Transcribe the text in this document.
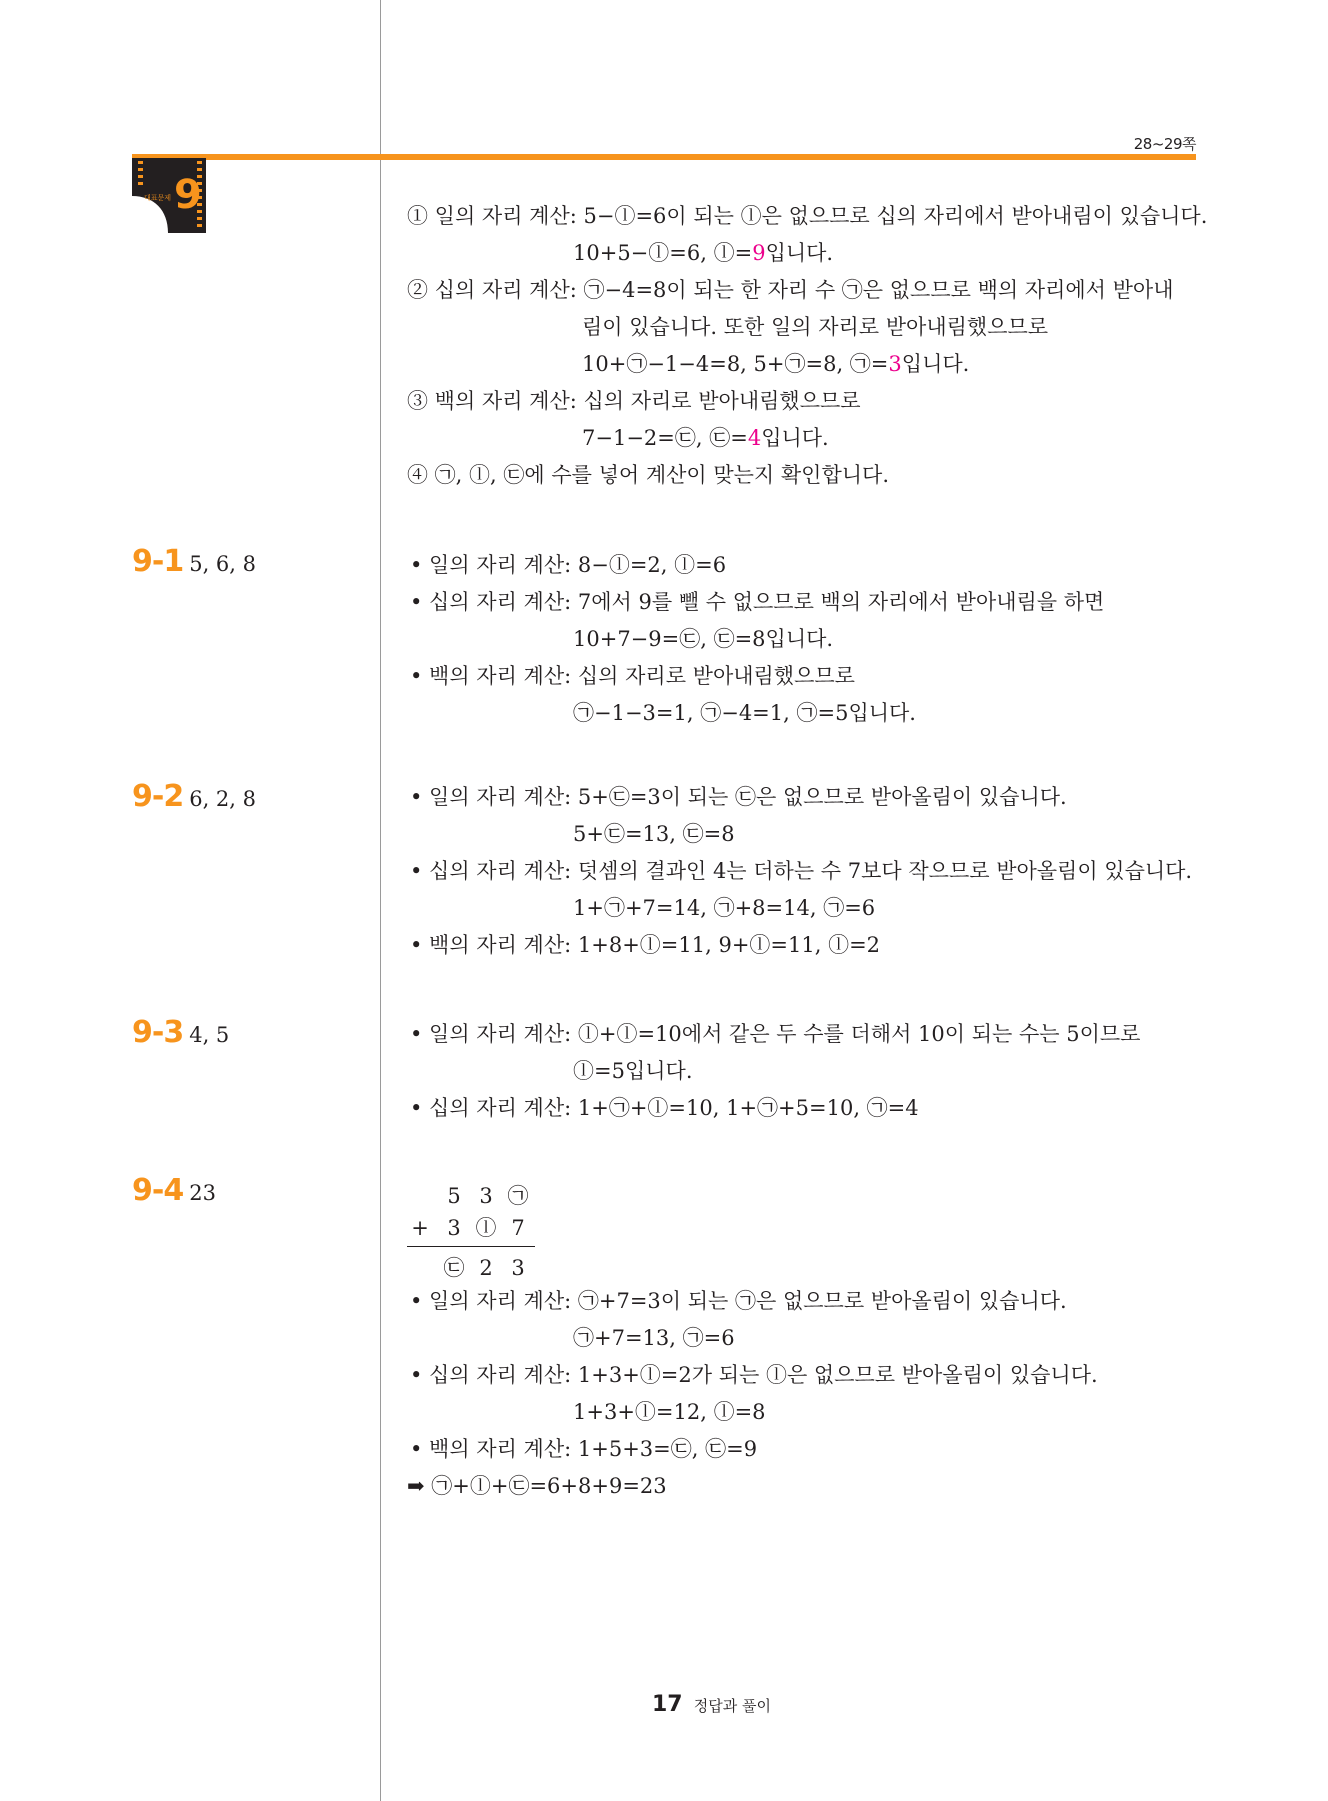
28~29쪽
대표문제 9	① 일의 자리 계산: 5−ⓛ=6이 되는 ⓛ은 없으므로 십의 자리에서 받아내림이 있습니다.
10+5−ⓛ=6, ⓛ=9입니다.
② 십의 자리 계산: ㉠−4=8이 되는 한 자리 수 ㉠은 없으므로 백의 자리에서 받아내
림이 있습니다. 또한 일의 자리로 받아내림했으므로
10+㉠−1−4=8, 5+㉠=8, ㉠=3입니다.
③ 백의 자리 계산: 십의 자리로 받아내림했으므로
7−1−2=㉢, ㉢=4입니다.
④ ㉠, ⓛ, ㉢에 수를 넣어 계산이 맞는지 확인합니다.
9-1 5, 6, 8	• 일의 자리 계산: 8−ⓛ=2, ⓛ=6
• 십의 자리 계산: 7에서 9를 뺄 수 없으므로 백의 자리에서 받아내림을 하면
10+7−9=㉢, ㉢=8입니다.
• 백의 자리 계산: 십의 자리로 받아내림했으므로
㉠−1−3=1, ㉠−4=1, ㉠=5입니다.
9-2 6, 2, 8	• 일의 자리 계산: 5+㉢=3이 되는 ㉢은 없으므로 받아올림이 있습니다.
5+㉢=13, ㉢=8
• 십의 자리 계산: 덧셈의 결과인 4는 더하는 수 7보다 작으므로 받아올림이 있습니다.
1+㉠+7=14, ㉠+8=14, ㉠=6
• 백의 자리 계산: 1+8+ⓛ=11, 9+ⓛ=11, ⓛ=2
9-3 4, 5	• 일의 자리 계산: ⓛ+ⓛ=10에서 같은 두 수를 더해서 10이 되는 수는 5이므로
ⓛ=5입니다.
• 십의 자리 계산: 1+㉠+ⓛ=10, 1+㉠+5=10, ㉠=4
9-4 23	5 3 ㉠
+ 3 ⓛ 7
㉢ 2 3
• 일의 자리 계산: ㉠+7=3이 되는 ㉠은 없으므로 받아올림이 있습니다.
㉠+7=13, ㉠=6
• 십의 자리 계산: 1+3+ⓛ=2가 되는 ⓛ은 없으므로 받아올림이 있습니다.
1+3+ⓛ=12, ⓛ=8
• 백의 자리 계산: 1+5+3=㉢, ㉢=9
➡ ㉠+ⓛ+㉢=6+8+9=23
17 정답과 풀이
